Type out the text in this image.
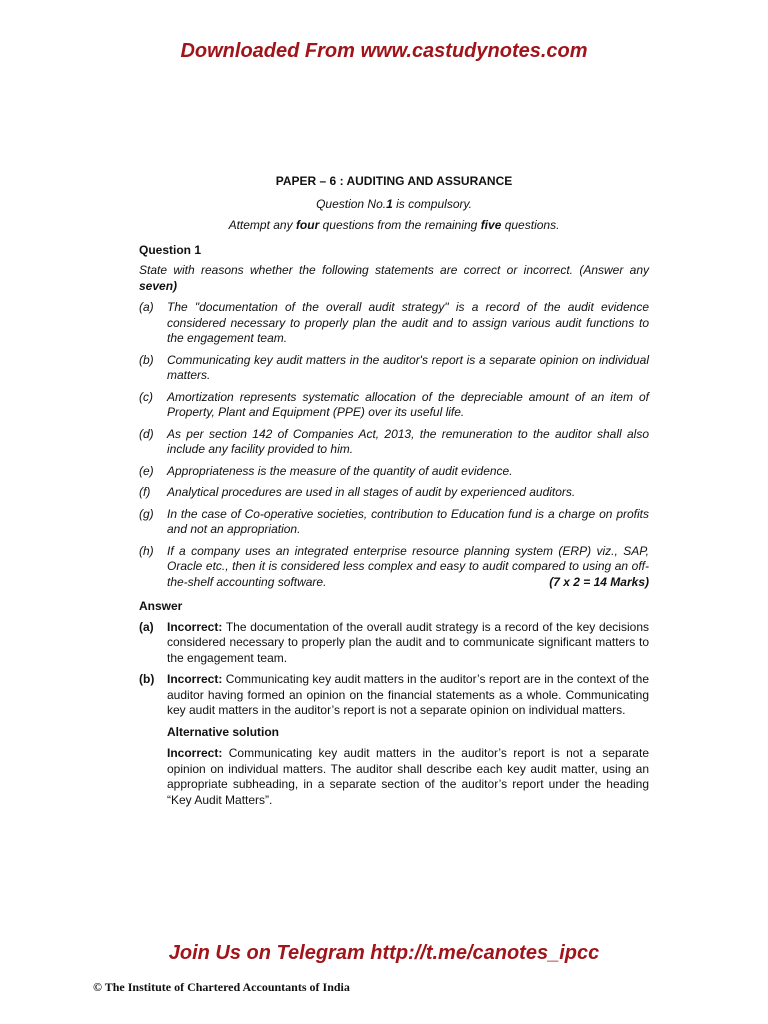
Downloaded From www.castudynotes.com
PAPER – 6 : AUDITING AND ASSURANCE
Question No.1 is compulsory.
Attempt any four questions from the remaining five questions.
Question 1
State with reasons whether the following statements are correct or incorrect. (Answer any seven)
(a)	The "documentation of the overall audit strategy" is a record of the audit evidence considered necessary to properly plan the audit and to assign various audit functions to the engagement team.
(b)	Communicating key audit matters in the auditor's report is a separate opinion on individual matters.
(c)	Amortization represents systematic allocation of the depreciable amount of an item of Property, Plant and Equipment (PPE) over its useful life.
(d)	As per section 142 of Companies Act, 2013, the remuneration to the auditor shall also include any facility provided to him.
(e)	Appropriateness is the measure of the quantity of audit evidence.
(f)	Analytical procedures are used in all stages of audit by experienced auditors.
(g)	In the case of Co-operative societies, contribution to Education fund is a charge on profits and not an appropriation.
(h)	If a company uses an integrated enterprise resource planning system (ERP) viz., SAP, Oracle etc., then it is considered less complex and easy to audit compared to using an off-the-shelf accounting software.	(7 x 2 = 14 Marks)
Answer
(a)	Incorrect: The documentation of the overall audit strategy is a record of the key decisions considered necessary to properly plan the audit and to communicate significant matters to the engagement team.
(b)	Incorrect: Communicating key audit matters in the auditor’s report are in the context of the auditor having formed an opinion on the financial statements as a whole. Communicating key audit matters in the auditor’s report is not a separate opinion on individual matters.
Alternative solution

Incorrect: Communicating key audit matters in the auditor’s report is not a separate opinion on individual matters. The auditor shall describe each key audit matter, using an appropriate subheading, in a separate section of the auditor’s report under the heading “Key Audit Matters”.

Join Us on Telegram http://t.me/canotes_ipcc
© The Institute of Chartered Accountants of India
